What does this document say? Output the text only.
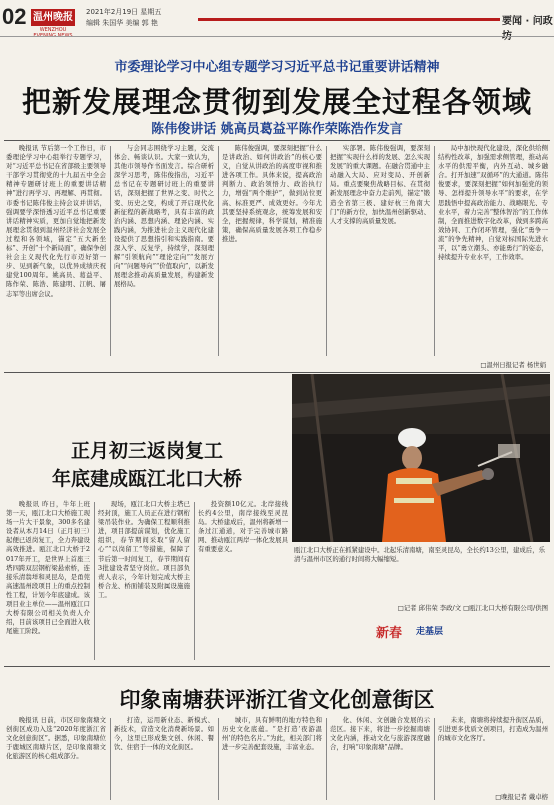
02 温州晚报
WENZHOU
2021年2月19日 星期五
编辑 朱国华 美编 郭 艳	要闻 · 问政
市委理论学习中心组专题学习习近平总书记重要讲话精神
把新发展理念贯彻到发展全过程各领域
陈伟俊讲话 姚高员葛益平陈作荣陈浩作发言

晚报讯 节后第一个工作日，市委理论学习中心组举行专题学习，对“习近平总书记在省部级主要领导干部学习贯彻党的十九届五中全会精神专题研讨班上的重要讲话精神”进行再学习、再理解、再贯彻。市委书记陈伟俊主持会议并讲话，强调要学深悟透习近平总书记重要讲话精神实质，更加自觉地把新发展理念贯彻到温州经济社会发展全过程和各领域，锚定“五大新坐标”、开创“十个新局面”，确保争创社会主义现代化先行市迈好第一步、见到新气象，以优异成绩庆祝建党100周年。姚高员、葛益平、陈作荣、陈浩、陈建明、江帆、屠志军等出席会议。

与会同志围绕学习主题，交流体会、畅谈认识。大家一致认为，其他市领导作书面发言。综合研析深学习思考，陈伟俊指出，习近平总书记在专题研讨班上的重要讲话，深刻把握了世界之变、时代之变、历史之变，构成了开启现代化新征程的新战略考，具有丰富的政治内涵、思想内涵、理论内涵、实践内涵，为推进社会主义现代化建设提供了思想指引和实践指南。要深入学、反复学，持续学，深刻理解“引领航向”“理论定向”“发展方向”“问题导向”“价值取向”，以新发展理念推动高质量发展，构建新发展格局。

陈伟俊强调，要深刻把握“什么是讲政治、如何讲政治”的核心要义，自觉从讲政治的高度审视和推进各项工作。具体来说，提高政治判断力、政治领悟力、政治执行力，增强“两个维护”，做到站位更高、标准更严、成效更好。今年尤其要坚持系统观念，统筹发展和安全，把握规律，科学谋划，精准施策，确保高质量发展各项工作稳步推进。

实部署。陈伟俊强调，要深刻把握“实现什么样的发展、怎么实现发展”的重大课题。在融合贯通中主动融入大局、应对变局、开创新局。重点要聚焦战略目标、在贯彻新发展理念中奋力走前列，锚定“锻造全省第三极、建好杭三角南大门”的新方位，加快温州创新驱动、人才支撑的高质量发展。

局中加快现代化建设，深化供给侧结构性改革，加强需求侧管理，推动高水平的供需平衡，内外互动、城乡融合。打开加速“双循环”的大通道。陈伟俊要求，要深刻把握“如何加强党的领导、怎样提升领导水平”的要求，在学思践悟中提高政治能力、战略眼光、专业水平，着力完善“整体智治”的工作体制，全面推进数字化改革，做到多跨高效协同、工作闭环管理，强化“勇争一流”的争先精神，自觉对标国际先进水平，以“勇立潮头、亦能勇行”的姿态，持续提升专业水平，工作效率。

□温州日报记者 杨世娟
正月初三返岗复工
年底建成瓯江北口大桥

晚报讯 昨日，牛年上班第一天，瓯江北口大桥施工现场一片大干景象，300多名建设者从本月14日（正月初三）起便已返岗复工，全力奔建设高效推进。瓯江北口大桥于2017年开工，是世界上首座三塔四跨双层钢桁梁悬索桥，连接乐清翁垟和灵昆岛，是甬莞高速温州段项目上的重点控制性工程，计划今年底建成。该项目业主单位——温州瓯江口大桥有限公司相关负责人介绍，目前该项目已全面进入收尾施工阶段。

现场，瓯江北口大桥主塔已经封顶，施工人员正在进行钢桁梁吊装作业。为确保工程顺利推进，项目部提前谋划，优化施工组织，春节期间采取“留人留心”“以岗留工”等措施，保障了节后第一时间复工，春节期间有3批建设者坚守岗位。项目部负责人表示，今年计划完成大桥主桥合龙、桥面铺装及附属设施施工。

投资额10亿元。北岸接线长约4公里，南岸接线至灵昆岛。大桥建成后，温州将新增一条过江通道，对于完善城市路网、推动瓯江两岸一体化发展具有重要意义。	瓯江北口大桥正在抓紧建设中。北起乐清南塘，南至灵昆岛，全长约13公里，建成后，乐清与温州市区的通行时间将大幅缩短。
□记者 邱伟荣 李政/文 □瓯江北口大桥有限公司/供图
新春 走基层
印象南塘获评浙江省文化创意街区

晚报讯 日前，市区印象南塘文创街区成功入选“2020年度浙江省文化创意街区”。据悉，印象南塘位于鹿城区南塘片区，是印象南塘文化旅游区的核心组成部分。

打造，运用新业态、新模式、新技术，营造文化消费新场景。如今，这里已形成集文创、休闲、餐饮、住宿于一体的文化街区。

城市，具有鲜明的地方特色和历史文化底蕴。“是打造‘夜游温州’的特色名片。”为此，相关部门将进一步完善配套设施，丰富业态。

化、休闲、文创融合发展的示范区。接下来，将进一步挖掘南塘文化内涵，推动文化与旅游深度融合，打响“印象南塘”品牌。

未来，南塘将持续提升街区品质，引进更多优质文创项目，打造成为温州的城市文化客厅。

□晚报记者 戴卓榕
